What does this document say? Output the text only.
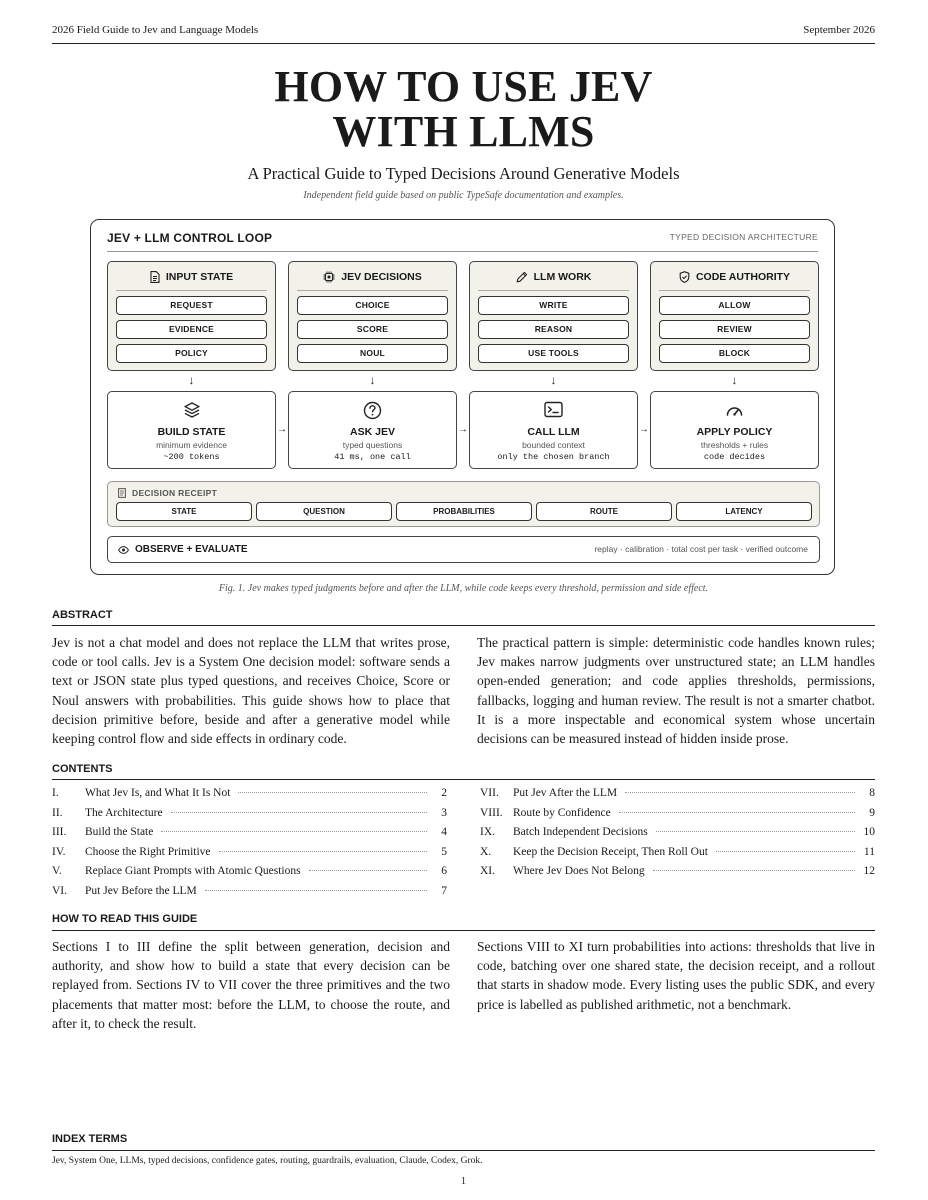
2026 Field Guide to Jev and Language Models	September 2026
HOW TO USE JEV
WITH LLMS
A Practical Guide to Typed Decisions Around Generative Models
Independent field guide based on public TypeSafe documentation and examples.
JEV + LLM CONTROL LOOP	TYPED DECISION ARCHITECTURE
INPUT STATE
REQUEST
EVIDENCE
POLICY
JEV DECISIONS
CHOICE
SCORE
NOUL
LLM WORK
WRITE
REASON
USE TOOLS
CODE AUTHORITY
ALLOW
REVIEW
BLOCK
↓	↓	↓	↓
BUILD STATE
minimum evidence
~200 tokens
→	ASK JEV
typed questions
41 ms, one call
→	CALL LLM
bounded context
only the chosen branch
→	APPLY POLICY
thresholds + rules
code decides
DECISION RECEIPT
STATE	QUESTION	PROBABILITIES	ROUTE	LATENCY
OBSERVE + EVALUATE	replay · calibration · total cost per task · verified outcome
Fig. 1. Jev makes typed judgments before and after the LLM, while code keeps every threshold, permission and side effect.
ABSTRACT

Jev is not a chat model and does not replace the LLM that writes prose, code or tool calls. Jev is a System One decision model: software sends a text or JSON state plus typed questions, and receives Choice, Score or Noul answers with probabilities. This guide shows how to place that decision primitive before, beside and after a generative model while keeping control flow and side effects in ordinary code.

The practical pattern is simple: deterministic code handles known rules; Jev makes narrow judgments over unstructured state; an LLM handles open-ended generation; and code applies thresholds, permissions, fallbacks, logging and human review. The result is not a smarter chatbot. It is a more inspectable and economical system whose uncertain decisions can be measured instead of hidden inside prose.

CONTENTS
I.	What Jev Is, and What It Is Not	2
II.	The Architecture	3
III.	Build the State	4
IV.	Choose the Right Primitive	5
V.	Replace Giant Prompts with Atomic Questions	6
VI.	Put Jev Before the LLM	7
VII.	Put Jev After the LLM	8
VIII. Route by Confidence	9
IX.	Batch Independent Decisions	10
X.	Keep the Decision Receipt, Then Roll Out	11
XI.	Where Jev Does Not Belong	12
HOW TO READ THIS GUIDE

Sections I to III define the split between generation, decision and authority, and show how to build a state that every decision can be replayed from. Sections IV to VII cover the three primitives and the two placements that matter most: before the LLM, to choose the route, and after it, to check the result.

Sections VIII to XI turn probabilities into actions: thresholds that live in code, batching over one shared state, the decision receipt, and a rollout that starts in shadow mode. Every listing uses the public SDK, and every price is labelled as published arithmetic, not a benchmark.

INDEX TERMS
Jev, System One, LLMs, typed decisions, confidence gates, routing, guardrails, evaluation, Claude, Codex, Grok.
1
